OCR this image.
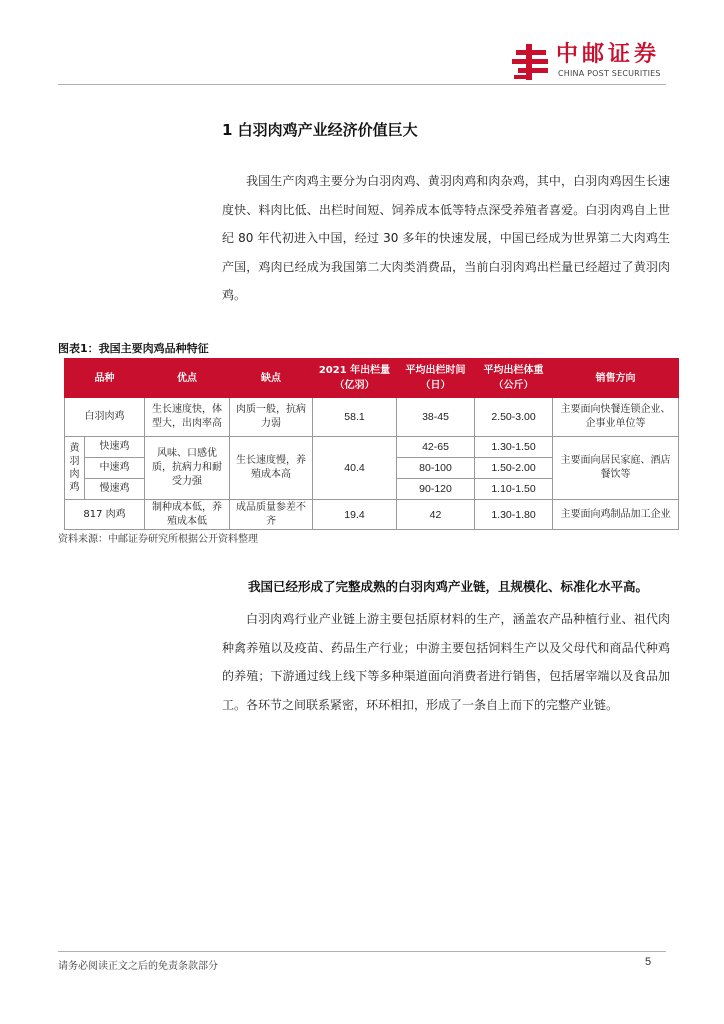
中邮证券
CHINA POST SECURITIES
1 白羽肉鸡产业经济价值巨大
我国生产肉鸡主要分为白羽肉鸡、黄羽肉鸡和肉杂鸡，其中，白羽肉鸡因生长速度快、料肉比低、出栏时间短、饲养成本低等特点深受养殖者喜爱。白羽肉鸡自上世纪 80 年代初进入中国，经过 30 多年的快速发展，中国已经成为世界第二大肉鸡生产国，鸡肉已经成为我国第二大肉类消费品，当前白羽肉鸡出栏量已经超过了黄羽肉鸡。
图表1：我国主要肉鸡品种特征
品种		优点	缺点	2021 年出栏量（亿羽）	平均出栏时间（日）	平均出栏体重（公斤）	销售方向
白羽肉鸡		生长速度快，体型大，出肉率高	肉质一般，抗病力弱	58.1	38-45	2.50-3.00	主要面向快餐连锁企业、企事业单位等
黄羽肉鸡	快速鸡	风味、口感优质，抗病力和耐受力强	生长速度慢，养殖成本高	40.4	42-65	1.30-1.50	主要面向居民家庭、酒店餐饮等
	中速鸡				80-100	1.50-2.00	
	慢速鸡				90-120	1.10-1.50	
817 肉鸡		制种成本低，养殖成本低	成品质量参差不齐	19.4	42	1.30-1.80	主要面向鸡制品加工企业
资料来源：中邮证券研究所根据公开资料整理
我国已经形成了完整成熟的白羽肉鸡产业链，且规模化、标准化水平高。
白羽肉鸡行业产业链上游主要包括原材料的生产，涵盖农产品种植行业、祖代肉种禽养殖以及疫苗、药品生产行业；中游主要包括饲料生产以及父母代和商品代种鸡的养殖；下游通过线上线下等多种渠道面向消费者进行销售，包括屠宰端以及食品加工。各环节之间联系紧密，环环相扣，形成了一条自上而下的完整产业链。
请务必阅读正文之后的免责条款部分	5
